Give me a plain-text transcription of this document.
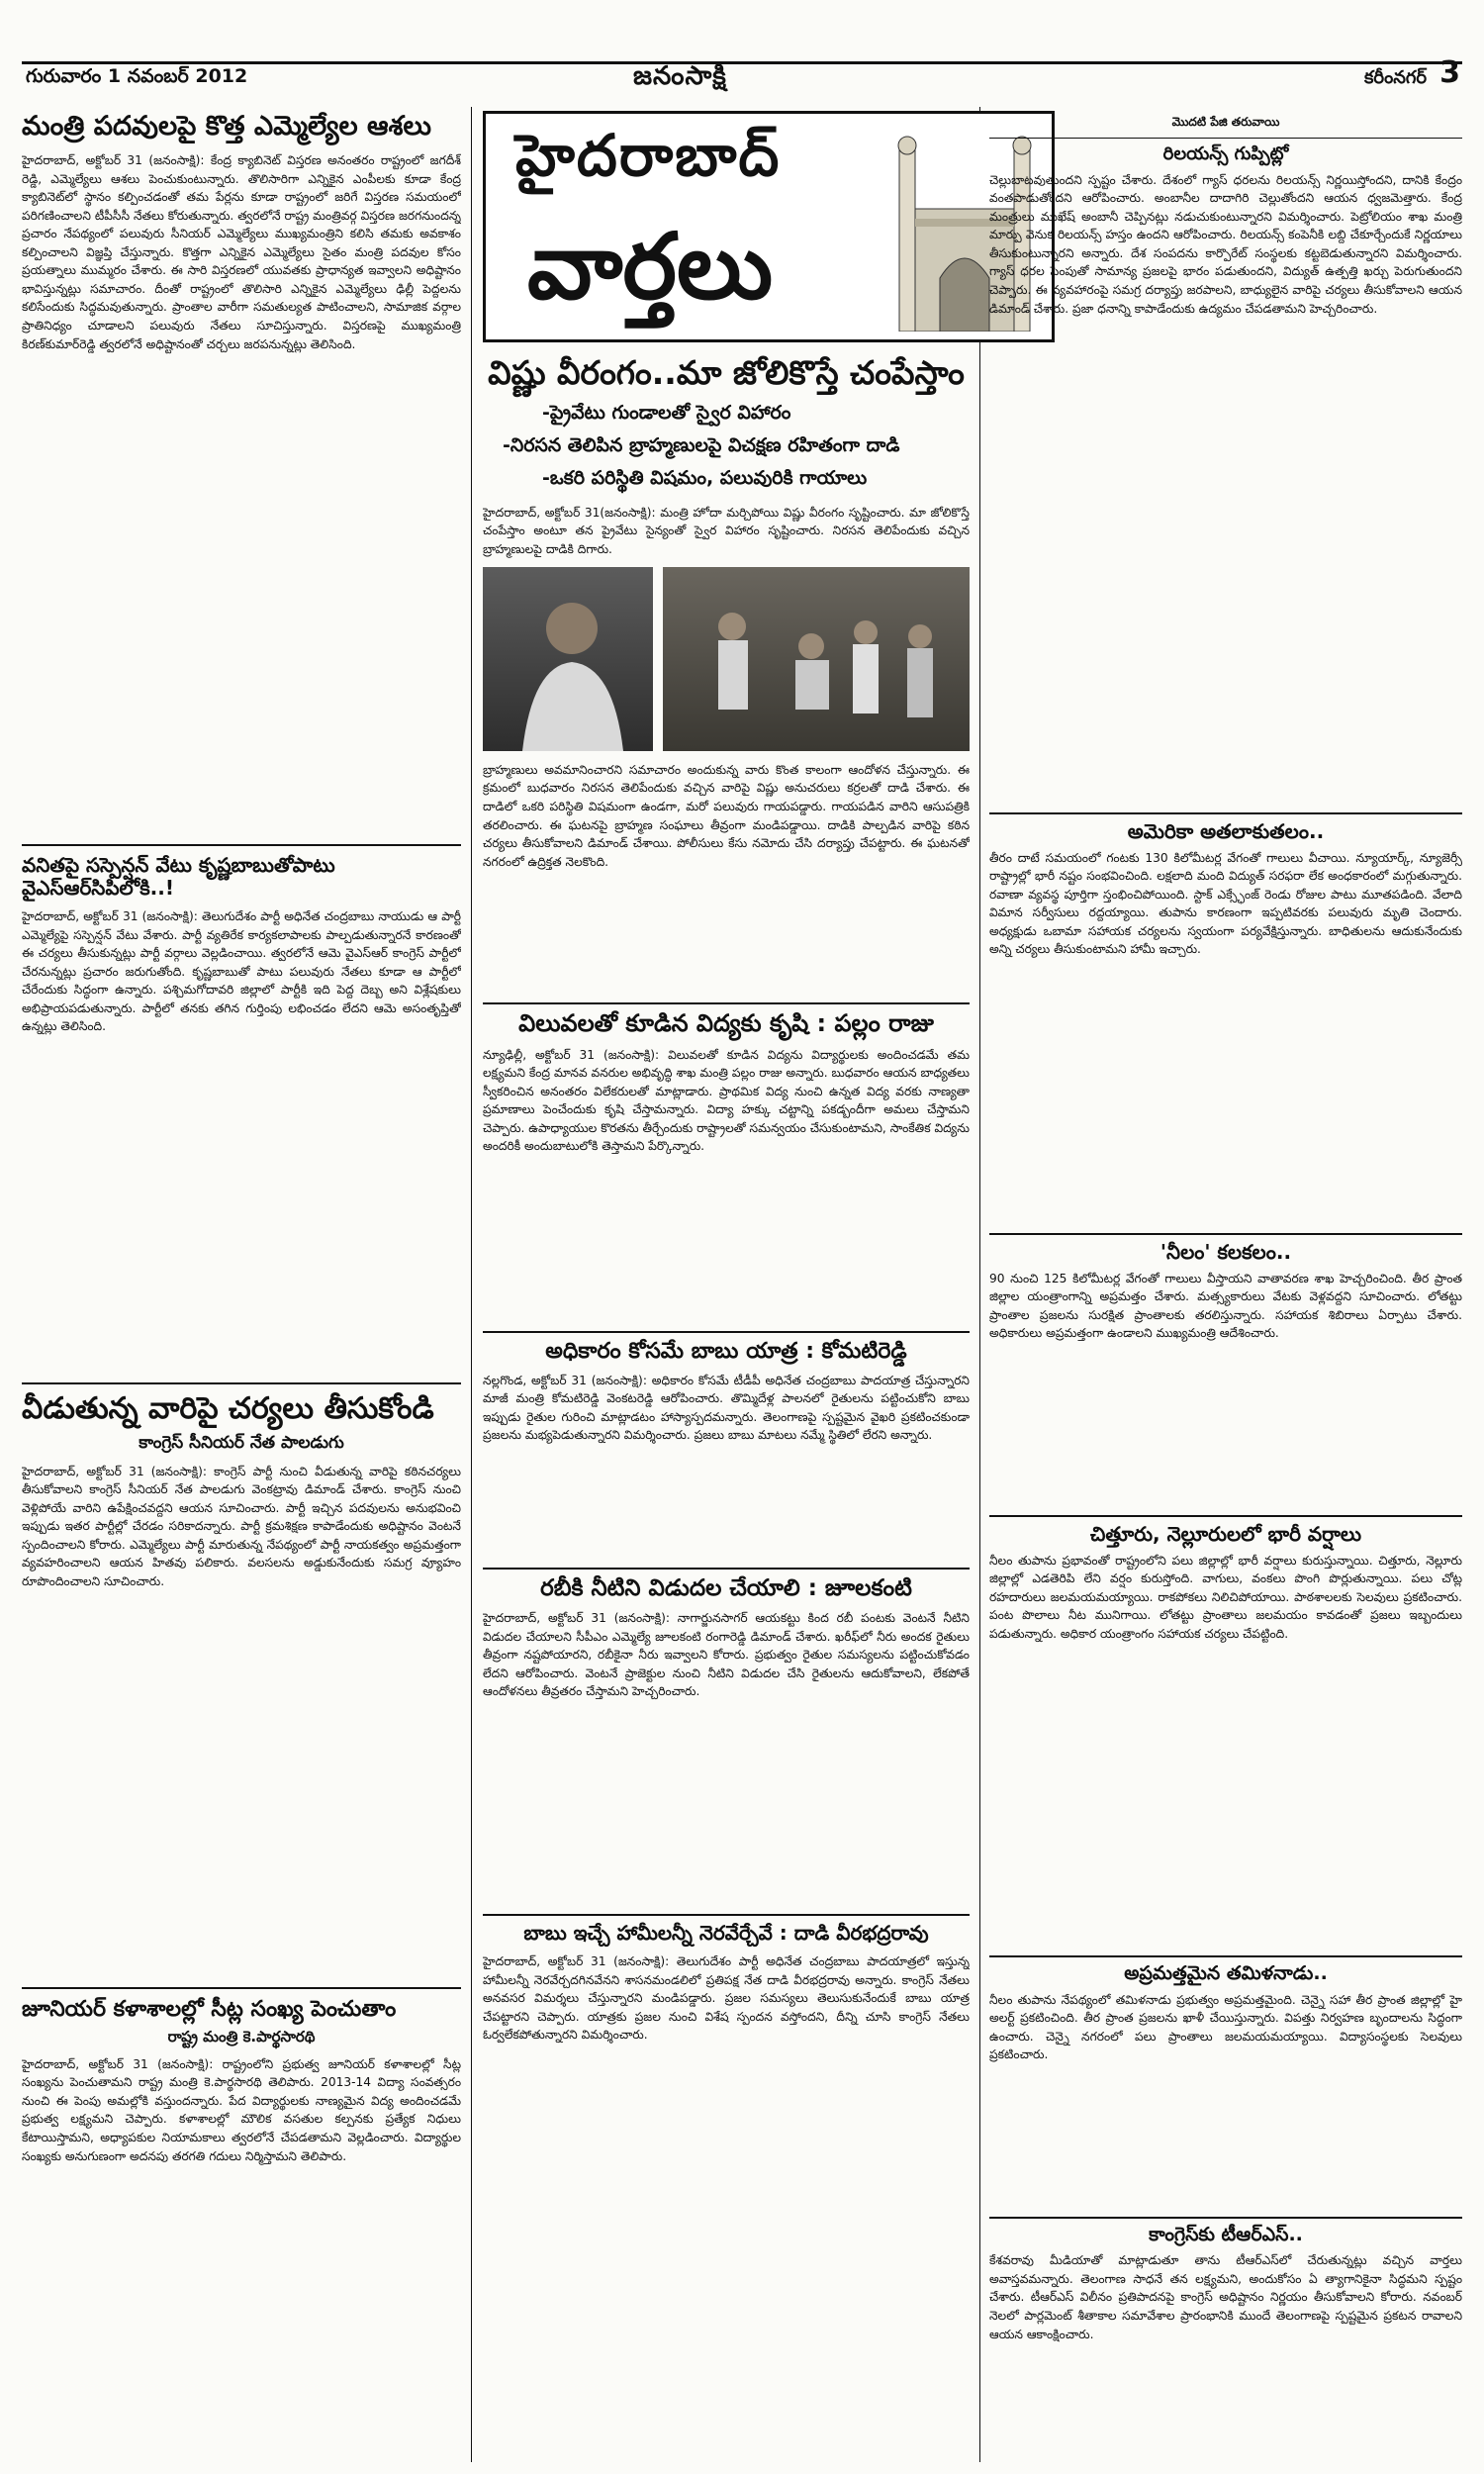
గురువారం 1 నవంబర్ 2012	జనంసాక్షి	కరీంనగర్ 3
మంత్రి పదవులపై కొత్త ఎమ్మెల్యేల ఆశలు

హైదరాబాద్, అక్టోబర్ 31 (జనంసాక్షి): కేంద్ర క్యాబినెట్ విస్తరణ అనంతరం రాష్ట్రంలో జగదీశ్ రెడ్డి, ఎమ్మెల్యేలు ఆశలు పెంచుకుంటున్నారు. తొలిసారిగా ఎన్నికైన ఎంపీలకు కూడా కేంద్ర క్యాబినెట్‌లో స్థానం కల్పించడంతో తమ పేర్లను కూడా రాష్ట్రంలో జరిగే విస్తరణ సమయంలో పరిగణించాలని టీపీసీసీ నేతలు కోరుతున్నారు. త్వరలోనే రాష్ట్ర మంత్రివర్గ విస్తరణ జరగనుందన్న ప్రచారం నేపథ్యంలో పలువురు సీనియర్ ఎమ్మెల్యేలు ముఖ్యమంత్రిని కలిసి తమకు అవకాశం కల్పించాలని విజ్ఞప్తి చేస్తున్నారు. కొత్తగా ఎన్నికైన ఎమ్మెల్యేలు సైతం మంత్రి పదవుల కోసం ప్రయత్నాలు ముమ్మరం చేశారు. ఈ సారి విస్తరణలో యువతకు ప్రాధాన్యత ఇవ్వాలని అధిష్టానం భావిస్తున్నట్లు సమాచారం. దీంతో రాష్ట్రంలో తొలిసారి ఎన్నికైన ఎమ్మెల్యేలు ఢిల్లీ పెద్దలను కలిసేందుకు సిద్ధమవుతున్నారు. ప్రాంతాల వారీగా సమతుల్యత పాటించాలని, సామాజిక వర్గాల ప్రాతినిధ్యం చూడాలని పలువురు నేతలు సూచిస్తున్నారు. విస్తరణపై ముఖ్యమంత్రి కిరణ్‌కుమార్‌రెడ్డి త్వరలోనే అధిష్టానంతో చర్చలు జరపనున్నట్లు తెలిసింది.

వనితపై సస్పెన్షన్ వేటు కృష్ణబాబుతోపాటు వైఎస్‌ఆర్‌సిపిలోకి..!

హైదరాబాద్, అక్టోబర్ 31 (జనంసాక్షి): తెలుగుదేశం పార్టీ అధినేత చంద్రబాబు నాయుడు ఆ పార్టీ ఎమ్మెల్యేపై సస్పెన్షన్ వేటు వేశారు. పార్టీ వ్యతిరేక కార్యకలాపాలకు పాల్పడుతున్నారనే కారణంతో ఈ చర్యలు తీసుకున్నట్లు పార్టీ వర్గాలు వెల్లడించాయి. త్వరలోనే ఆమె వైఎస్‌ఆర్ కాంగ్రెస్ పార్టీలో చేరనున్నట్లు ప్రచారం జరుగుతోంది. కృష్ణబాబుతో పాటు పలువురు నేతలు కూడా ఆ పార్టీలో చేరేందుకు సిద్ధంగా ఉన్నారు. పశ్చిమగోదావరి జిల్లాలో పార్టీకి ఇది పెద్ద దెబ్బ అని విశ్లేషకులు అభిప్రాయపడుతున్నారు. పార్టీలో తనకు తగిన గుర్తింపు లభించడం లేదని ఆమె అసంతృప్తితో ఉన్నట్లు తెలిసింది.

వీడుతున్న వారిపై చర్యలు తీసుకోండి
కాంగ్రెస్ సీనియర్ నేత పాలడుగు

హైదరాబాద్, అక్టోబర్ 31 (జనంసాక్షి): కాంగ్రెస్ పార్టీ నుంచి వీడుతున్న వారిపై కఠినచర్యలు తీసుకోవాలని కాంగ్రెస్ సీనియర్ నేత పాలడుగు వెంకట్రావు డిమాండ్ చేశారు. కాంగ్రెస్ నుంచి వెళ్లిపోయే వారిని ఉపేక్షించవద్దని ఆయన సూచించారు. పార్టీ ఇచ్చిన పదవులను అనుభవించి ఇప్పుడు ఇతర పార్టీల్లో చేరడం సరికాదన్నారు. పార్టీ క్రమశిక్షణ కాపాడేందుకు అధిష్టానం వెంటనే స్పందించాలని కోరారు. ఎమ్మెల్యేలు పార్టీ మారుతున్న నేపథ్యంలో పార్టీ నాయకత్వం అప్రమత్తంగా వ్యవహరించాలని ఆయన హితవు పలికారు. వలసలను అడ్డుకునేందుకు సమగ్ర వ్యూహం రూపొందించాలని సూచించారు.

జూనియర్ కళాశాలల్లో సీట్ల సంఖ్య పెంచుతాం
రాష్ట్ర మంత్రి కె.పార్థసారథి

హైదరాబాద్, అక్టోబర్ 31 (జనంసాక్షి): రాష్ట్రంలోని ప్రభుత్వ జూనియర్ కళాశాలల్లో సీట్ల సంఖ్యను పెంచుతామని రాష్ట్ర మంత్రి కె.పార్థసారథి తెలిపారు. 2013-14 విద్యా సంవత్సరం నుంచి ఈ పెంపు అమల్లోకి వస్తుందన్నారు. పేద విద్యార్థులకు నాణ్యమైన విద్య అందించడమే ప్రభుత్వ లక్ష్యమని చెప్పారు. కళాశాలల్లో మౌలిక వసతుల కల్పనకు ప్రత్యేక నిధులు కేటాయిస్తామని, అధ్యాపకుల నియామకాలు త్వరలోనే చేపడతామని వెల్లడించారు. విద్యార్థుల సంఖ్యకు అనుగుణంగా అదనపు తరగతి గదులు నిర్మిస్తామని తెలిపారు.

హైదరాబాద్
వార్తలు
విష్ణు వీరంగం..మా జోలికొస్తే చంపేస్తాం
-ప్రైవేటు గుండాలతో స్వైర విహారం
-నిరసన తెలిపిన బ్రాహ్మణులపై విచక్షణ రహితంగా దాడి
-ఒకరి పరిస్థితి విషమం, పలువురికి గాయాలు

హైదరాబాద్, అక్టోబర్ 31(జనంసాక్షి): మంత్రి హోదా మర్చిపోయి విష్ణు వీరంగం సృష్టించారు. మా జోలికొస్తే చంపేస్తాం అంటూ తన ప్రైవేటు సైన్యంతో స్వైర విహారం సృష్టించారు. నిరసన తెలిపేందుకు వచ్చిన బ్రాహ్మణులపై దాడికి దిగారు.

బ్రాహ్మణులు అవమానించారని సమాచారం అందుకున్న వారు కొంత కాలంగా ఆందోళన చేస్తున్నారు. ఈ క్రమంలో బుధవారం నిరసన తెలిపేందుకు వచ్చిన వారిపై విష్ణు అనుచరులు కర్రలతో దాడి చేశారు. ఈ దాడిలో ఒకరి పరిస్థితి విషమంగా ఉండగా, మరో పలువురు గాయపడ్డారు. గాయపడిన వారిని ఆసుపత్రికి తరలించారు. ఈ ఘటనపై బ్రాహ్మణ సంఘాలు తీవ్రంగా మండిపడ్డాయి. దాడికి పాల్పడిన వారిపై కఠిన చర్యలు తీసుకోవాలని డిమాండ్ చేశాయి. పోలీసులు కేసు నమోదు చేసి దర్యాప్తు చేపట్టారు. ఈ ఘటనతో నగరంలో ఉద్రిక్తత నెలకొంది.

విలువలతో కూడిన విద్యకు కృషి : పల్లం రాజు

న్యూఢిల్లీ, అక్టోబర్ 31 (జనంసాక్షి): విలువలతో కూడిన విద్యను విద్యార్థులకు అందించడమే తమ లక్ష్యమని కేంద్ర మానవ వనరుల అభివృద్ధి శాఖ మంత్రి పల్లం రాజు అన్నారు. బుధవారం ఆయన బాధ్యతలు స్వీకరించిన అనంతరం విలేకరులతో మాట్లాడారు. ప్రాథమిక విద్య నుంచి ఉన్నత విద్య వరకు నాణ్యతా ప్రమాణాలు పెంచేందుకు కృషి చేస్తామన్నారు. విద్యా హక్కు చట్టాన్ని పకడ్బందీగా అమలు చేస్తామని చెప్పారు. ఉపాధ్యాయుల కొరతను తీర్చేందుకు రాష్ట్రాలతో సమన్వయం చేసుకుంటామని, సాంకేతిక విద్యను అందరికీ అందుబాటులోకి తెస్తామని పేర్కొన్నారు.

అధికారం కోసమే బాబు యాత్ర : కోమటిరెడ్డి

నల్లగొండ, అక్టోబర్ 31 (జనంసాక్షి): అధికారం కోసమే టీడీపీ అధినేత చంద్రబాబు పాదయాత్ర చేస్తున్నారని మాజీ మంత్రి కోమటిరెడ్డి వెంకటరెడ్డి ఆరోపించారు. తొమ్మిదేళ్ల పాలనలో రైతులను పట్టించుకోని బాబు ఇప్పుడు రైతుల గురించి మాట్లాడటం హాస్యాస్పదమన్నారు. తెలంగాణపై స్పష్టమైన వైఖరి ప్రకటించకుండా ప్రజలను మభ్యపెడుతున్నారని విమర్శించారు. ప్రజలు బాబు మాటలు నమ్మే స్థితిలో లేరని అన్నారు.

రబీకి నీటిని విడుదల చేయాలి : జూలకంటి

హైదరాబాద్, అక్టోబర్ 31 (జనంసాక్షి): నాగార్జునసాగర్ ఆయకట్టు కింద రబీ పంటకు వెంటనే నీటిని విడుదల చేయాలని సీపీఎం ఎమ్మెల్యే జూలకంటి రంగారెడ్డి డిమాండ్ చేశారు. ఖరీఫ్‌లో నీరు అందక రైతులు తీవ్రంగా నష్టపోయారని, రబీకైనా నీరు ఇవ్వాలని కోరారు. ప్రభుత్వం రైతుల సమస్యలను పట్టించుకోవడం లేదని ఆరోపించారు. వెంటనే ప్రాజెక్టుల నుంచి నీటిని విడుదల చేసి రైతులను ఆదుకోవాలని, లేకపోతే ఆందోళనలు తీవ్రతరం చేస్తామని హెచ్చరించారు.

బాబు ఇచ్చే హామీలన్నీ నెరవేర్చేవే : దాడి వీరభద్రరావు

హైదరాబాద్, అక్టోబర్ 31 (జనంసాక్షి): తెలుగుదేశం పార్టీ అధినేత చంద్రబాబు పాదయాత్రలో ఇస్తున్న హామీలన్నీ నెరవేర్చదగినవేనని శాసనమండలిలో ప్రతిపక్ష నేత దాడి వీరభద్రరావు అన్నారు. కాంగ్రెస్ నేతలు అనవసర విమర్శలు చేస్తున్నారని మండిపడ్డారు. ప్రజల సమస్యలు తెలుసుకునేందుకే బాబు యాత్ర చేపట్టారని చెప్పారు. యాత్రకు ప్రజల నుంచి విశేష స్పందన వస్తోందని, దీన్ని చూసి కాంగ్రెస్ నేతలు ఓర్వలేకపోతున్నారని విమర్శించారు.

మొదటి పేజి తరువాయి
రిలయన్స్ గుప్పిట్లో

చెల్లుబాటవుతుందని స్పష్టం చేశారు. దేశంలో గ్యాస్ ధరలను రిలయన్స్ నిర్ణయిస్తోందని, దానికి కేంద్రం వంతపాడుతోందని ఆరోపించారు. అంబానీల దాదాగిరి చెల్లుతోందని ఆయన ధ్వజమెత్తారు. కేంద్ర మంత్రులు ముఖేష్ అంబానీ చెప్పినట్లు నడుచుకుంటున్నారని విమర్శించారు. పెట్రోలియం శాఖ మంత్రి మార్పు వెనుక రిలయన్స్ హస్తం ఉందని ఆరోపించారు. రిలయన్స్ కంపెనీకి లబ్ది చేకూర్చేందుకే నిర్ణయాలు తీసుకుంటున్నారని అన్నారు. దేశ సంపదను కార్పొరేట్ సంస్థలకు కట్టబెడుతున్నారని విమర్శించారు. గ్యాస్ ధరల పెంపుతో సామాన్య ప్రజలపై భారం పడుతుందని, విద్యుత్ ఉత్పత్తి ఖర్చు పెరుగుతుందని చెప్పారు. ఈ వ్యవహారంపై సమగ్ర దర్యాప్తు జరపాలని, బాధ్యులైన వారిపై చర్యలు తీసుకోవాలని ఆయన డిమాండ్ చేశారు. ప్రజా ధనాన్ని కాపాడేందుకు ఉద్యమం చేపడతామని హెచ్చరించారు.

అమెరికా అతలాకుతలం..

తీరం దాటే సమయంలో గంటకు 130 కిలోమీటర్ల వేగంతో గాలులు వీచాయి. న్యూయార్క్, న్యూజెర్సీ రాష్ట్రాల్లో భారీ నష్టం సంభవించింది. లక్షలాది మంది విద్యుత్ సరఫరా లేక అంధకారంలో మగ్గుతున్నారు. రవాణా వ్యవస్థ పూర్తిగా స్తంభించిపోయింది. స్టాక్ ఎక్స్ఛేంజ్ రెండు రోజుల పాటు మూతపడింది. వేలాది విమాన సర్వీసులు రద్దయ్యాయి. తుపాను కారణంగా ఇప్పటివరకు పలువురు మృతి చెందారు. అధ్యక్షుడు ఒబామా సహాయక చర్యలను స్వయంగా పర్యవేక్షిస్తున్నారు. బాధితులను ఆదుకునేందుకు అన్ని చర్యలు తీసుకుంటామని హామీ ఇచ్చారు.

'నీలం' కలకలం..

90 నుంచి 125 కిలోమీటర్ల వేగంతో గాలులు వీస్తాయని వాతావరణ శాఖ హెచ్చరించింది. తీర ప్రాంత జిల్లాల యంత్రాంగాన్ని అప్రమత్తం చేశారు. మత్స్యకారులు వేటకు వెళ్లవద్దని సూచించారు. లోతట్టు ప్రాంతాల ప్రజలను సురక్షిత ప్రాంతాలకు తరలిస్తున్నారు. సహాయక శిబిరాలు ఏర్పాటు చేశారు. అధికారులు అప్రమత్తంగా ఉండాలని ముఖ్యమంత్రి ఆదేశించారు.

చిత్తూరు, నెల్లూరులలో భారీ వర్షాలు

నీలం తుపాను ప్రభావంతో రాష్ట్రంలోని పలు జిల్లాల్లో భారీ వర్షాలు కురుస్తున్నాయి. చిత్తూరు, నెల్లూరు జిల్లాల్లో ఎడతెరిపి లేని వర్షం కురుస్తోంది. వాగులు, వంకలు పొంగి పొర్లుతున్నాయి. పలు చోట్ల రహదారులు జలమయమయ్యాయి. రాకపోకలు నిలిచిపోయాయి. పాఠశాలలకు సెలవులు ప్రకటించారు. పంట పొలాలు నీట మునిగాయి. లోతట్టు ప్రాంతాలు జలమయం కావడంతో ప్రజలు ఇబ్బందులు పడుతున్నారు. అధికార యంత్రాంగం సహాయక చర్యలు చేపట్టింది.

అప్రమత్తమైన తమిళనాడు..

నీలం తుపాను నేపథ్యంలో తమిళనాడు ప్రభుత్వం అప్రమత్తమైంది. చెన్నై సహా తీర ప్రాంత జిల్లాల్లో హై అలర్ట్ ప్రకటించింది. తీర ప్రాంత ప్రజలను ఖాళీ చేయిస్తున్నారు. విపత్తు నిర్వహణ బృందాలను సిద్ధంగా ఉంచారు. చెన్నై నగరంలో పలు ప్రాంతాలు జలమయమయ్యాయి. విద్యాసంస్థలకు సెలవులు ప్రకటించారు.

కాంగ్రెస్‌కు టీఆర్‌ఎస్..

కేశవరావు మీడియాతో మాట్లాడుతూ తాను టీఆర్ఎస్‌లో చేరుతున్నట్లు వచ్చిన వార్తలు అవాస్తవమన్నారు. తెలంగాణ సాధనే తన లక్ష్యమని, అందుకోసం ఏ త్యాగానికైనా సిద్ధమని స్పష్టం చేశారు. టీఆర్‌ఎస్ విలీనం ప్రతిపాదనపై కాంగ్రెస్ అధిష్టానం నిర్ణయం తీసుకోవాలని కోరారు. నవంబర్ నెలలో పార్లమెంట్ శీతాకాల సమావేశాల ప్రారంభానికి ముందే తెలంగాణపై స్పష్టమైన ప్రకటన రావాలని ఆయన ఆకాంక్షించారు.
